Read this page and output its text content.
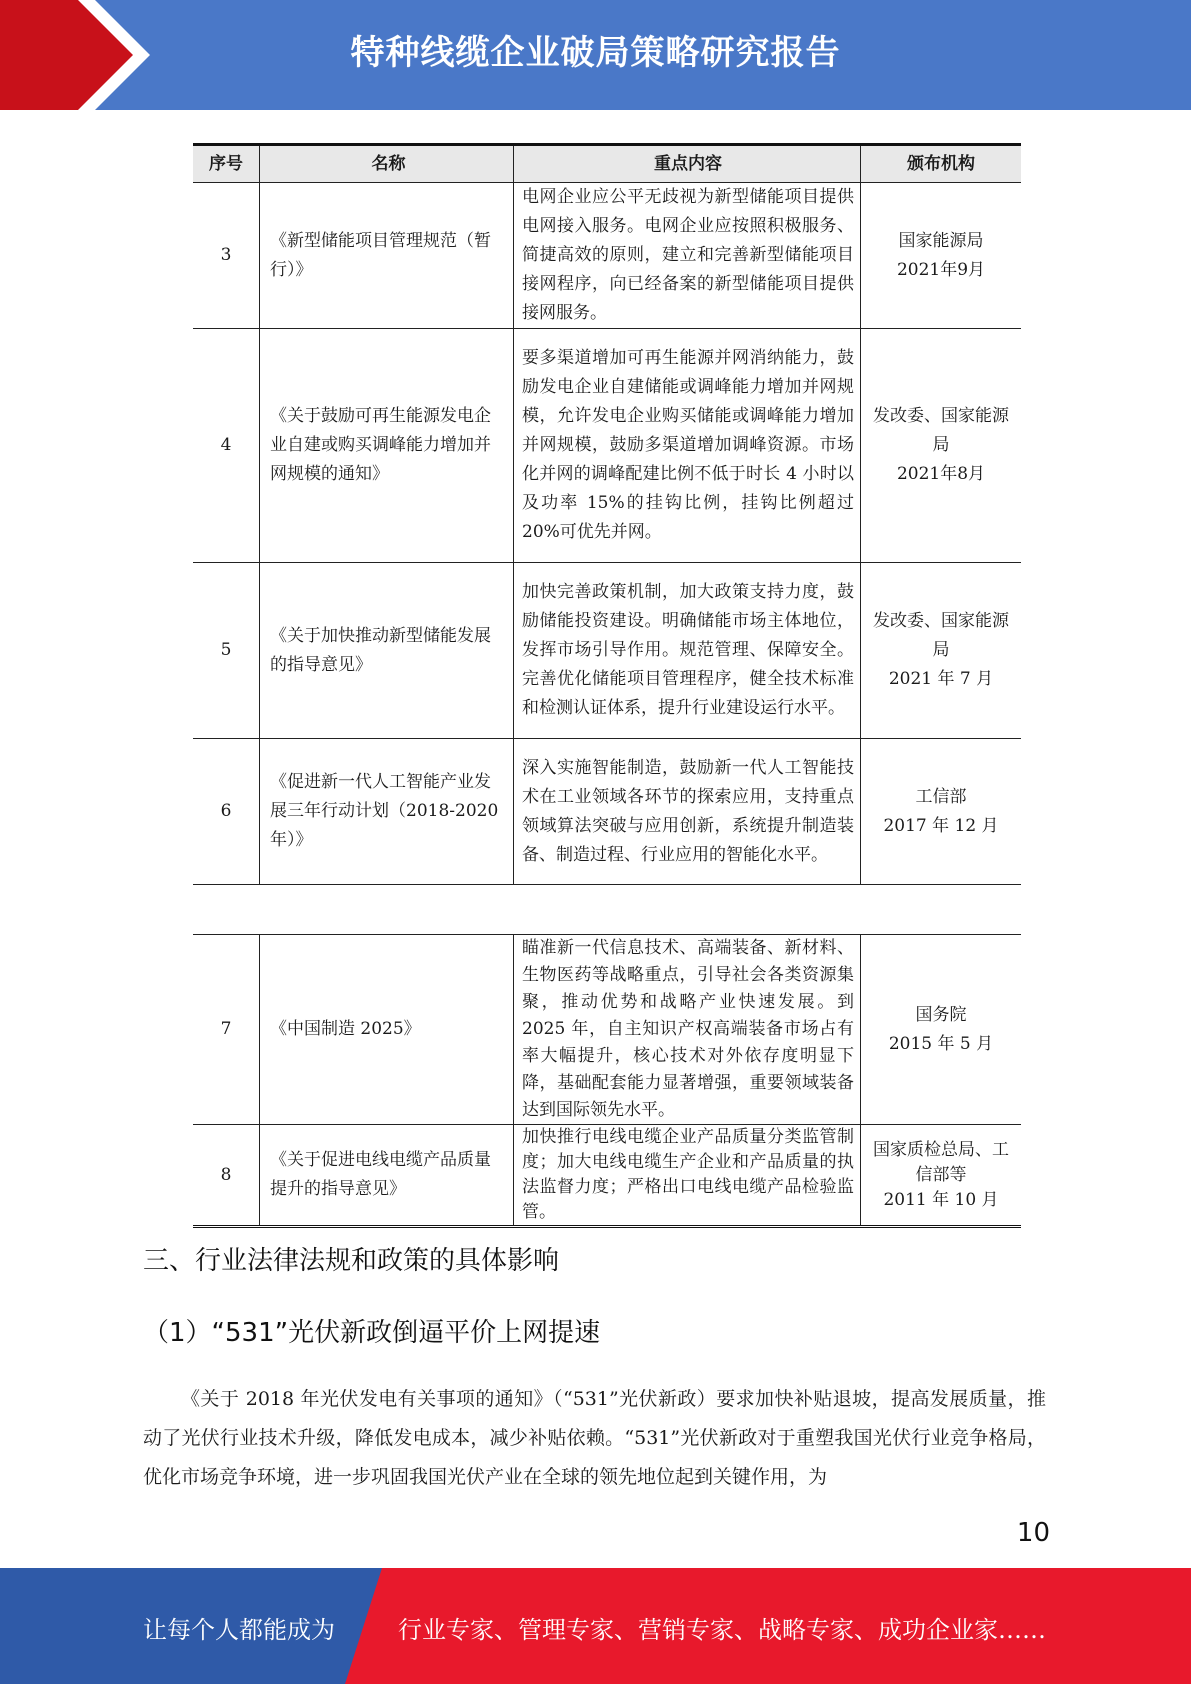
特种线缆企业破局策略研究报告
序号	名称	重点内容	颁布机构
3	《新型储能项目管理规范（暂行）》	电网企业应公平无歧视为新型储能项目提供电网接入服务。电网企业应按照积极服务、简捷高效的原则，建立和完善新型储能项目接网程序，向已经备案的新型储能项目提供接网服务。	国家能源局
2021年9月

4	《关于鼓励可再生能源发电企业自建或购买调峰能力增加并网规模的通知》	要多渠道增加可再生能源并网消纳能力，鼓励发电企业自建储能或调峰能力增加并网规模，允许发电企业购买储能或调峰能力增加并网规模，鼓励多渠道增加调峰资源。市场化并网的调峰配建比例不低于时长 4 小时以及功率 15%的挂钩比例，挂钩比例超过 20%可优先并网。	发改委、国家能源局
2021年8月

5	《关于加快推动新型储能发展的指导意见》	加快完善政策机制，加大政策支持力度，鼓励储能投资建设。明确储能市场主体地位，发挥市场引导作用。规范管理、保障安全。完善优化储能项目管理程序，健全技术标准和检测认证体系，提升行业建设运行水平。	发改委、国家能源局
2021 年 7 月

6	《促进新一代人工智能产业发展三年行动计划（2018-2020 年）》	深入实施智能制造，鼓励新一代人工智能技术在工业领域各环节的探索应用，支持重点领域算法突破与应用创新，系统提升制造装备、制造过程、行业应用的智能化水平。	工信部
2017 年 12 月
7	《中国制造 2025》	瞄准新一代信息技术、高端装备、新材料、生物医药等战略重点，引导社会各类资源集聚，推动优势和战略产业快速发展。到 2025 年，自主知识产权高端装备市场占有率大幅提升，核心技术对外依存度明显下降，基础配套能力显著增强，重要领域装备达到国际领先水平。	国务院
2015 年 5 月

8	《关于促进电线电缆产品质量提升的指导意见》	加快推行电线电缆企业产品质量分类监管制度；加大电线电缆生产企业和产品质量的执法监督力度；严格出口电线电缆产品检验监管。	国家质检总局、工信部等
2011 年 10 月
三、行业法律法规和政策的具体影响
（1）“531”光伏新政倒逼平价上网提速

《关于 2018 年光伏发电有关事项的通知》（“531”光伏新政）要求加快补贴退坡，提高发展质量，推动了光伏行业技术升级，降低发电成本，减少补贴依赖。“531”光伏新政对于重塑我国光伏行业竞争格局，优化市场竞争环境，进一步巩固我国光伏产业在全球的领先地位起到关键作用，为

10
让每个人都能成为	行业专家、管理专家、营销专家、战略专家、成功企业家……
